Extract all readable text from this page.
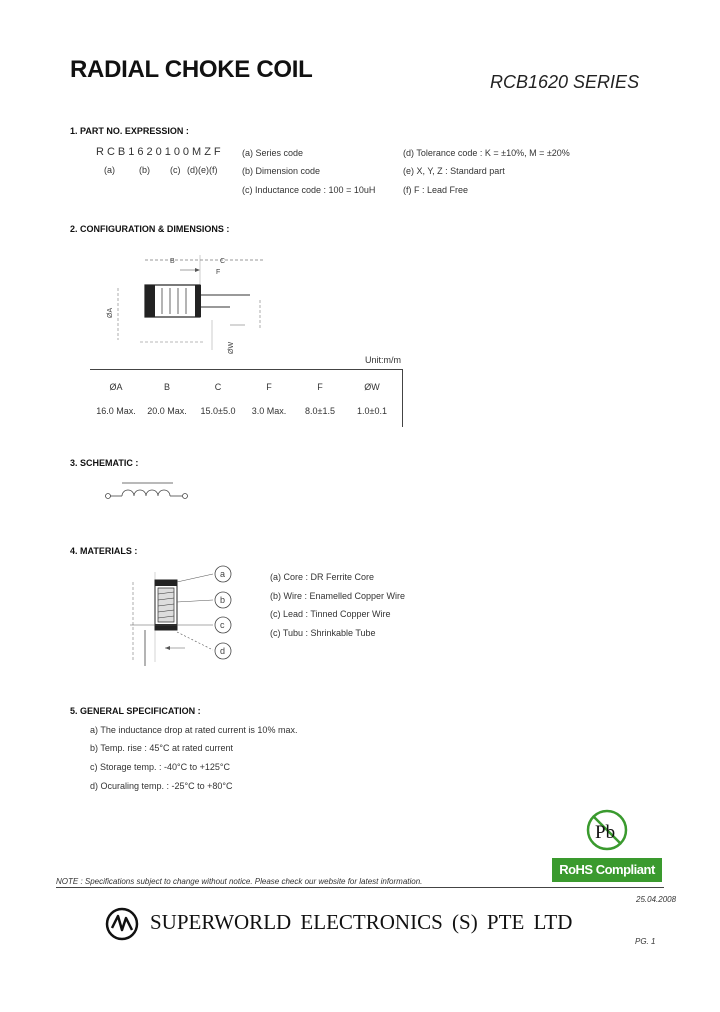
RADIAL CHOKE COIL	RCB1620 SERIES
1. PART NO. EXPRESSION :
RCB1620100MZF
(a)	(b) (c) (d)(e)(f)
(a) Series code
(b) Dimension code
(c) Inductance code : 100 = 10uH
(d) Tolerance code : K = ±10%, M = ±20%
(e) X, Y, Z : Standard part
(f) F : Lead Free
2. CONFIGURATION & DIMENSIONS :
B	C
F
ØA
ØW
Unit:m/m
ØA	B	C	F	F	ØW
16.0 Max.	20.0 Max.	15.0±5.0	3.0 Max.	8.0±1.5	1.0±0.1
3. SCHEMATIC :
4. MATERIALS :
a
b
c
d
(a) Core : DR Ferrite Core
(b) Wire : Enamelled Copper Wire
(c) Lead : Tinned Copper Wire
(c) Tubu : Shrinkable Tube
5. GENERAL SPECIFICATION :
a) The inductance drop at rated current is 10% max.
b) Temp. rise : 45°C at rated current
c) Storage temp. : -40°C to +125°C
d) Ocuraling temp. : -25°C to +80°C
Pb
RoHS Compliant
NOTE : Specifications subject to change without notice. Please check our website for latest information.
25.04.2008
SUPERWORLD ELECTRONICS (S) PTE LTD
PG. 1
